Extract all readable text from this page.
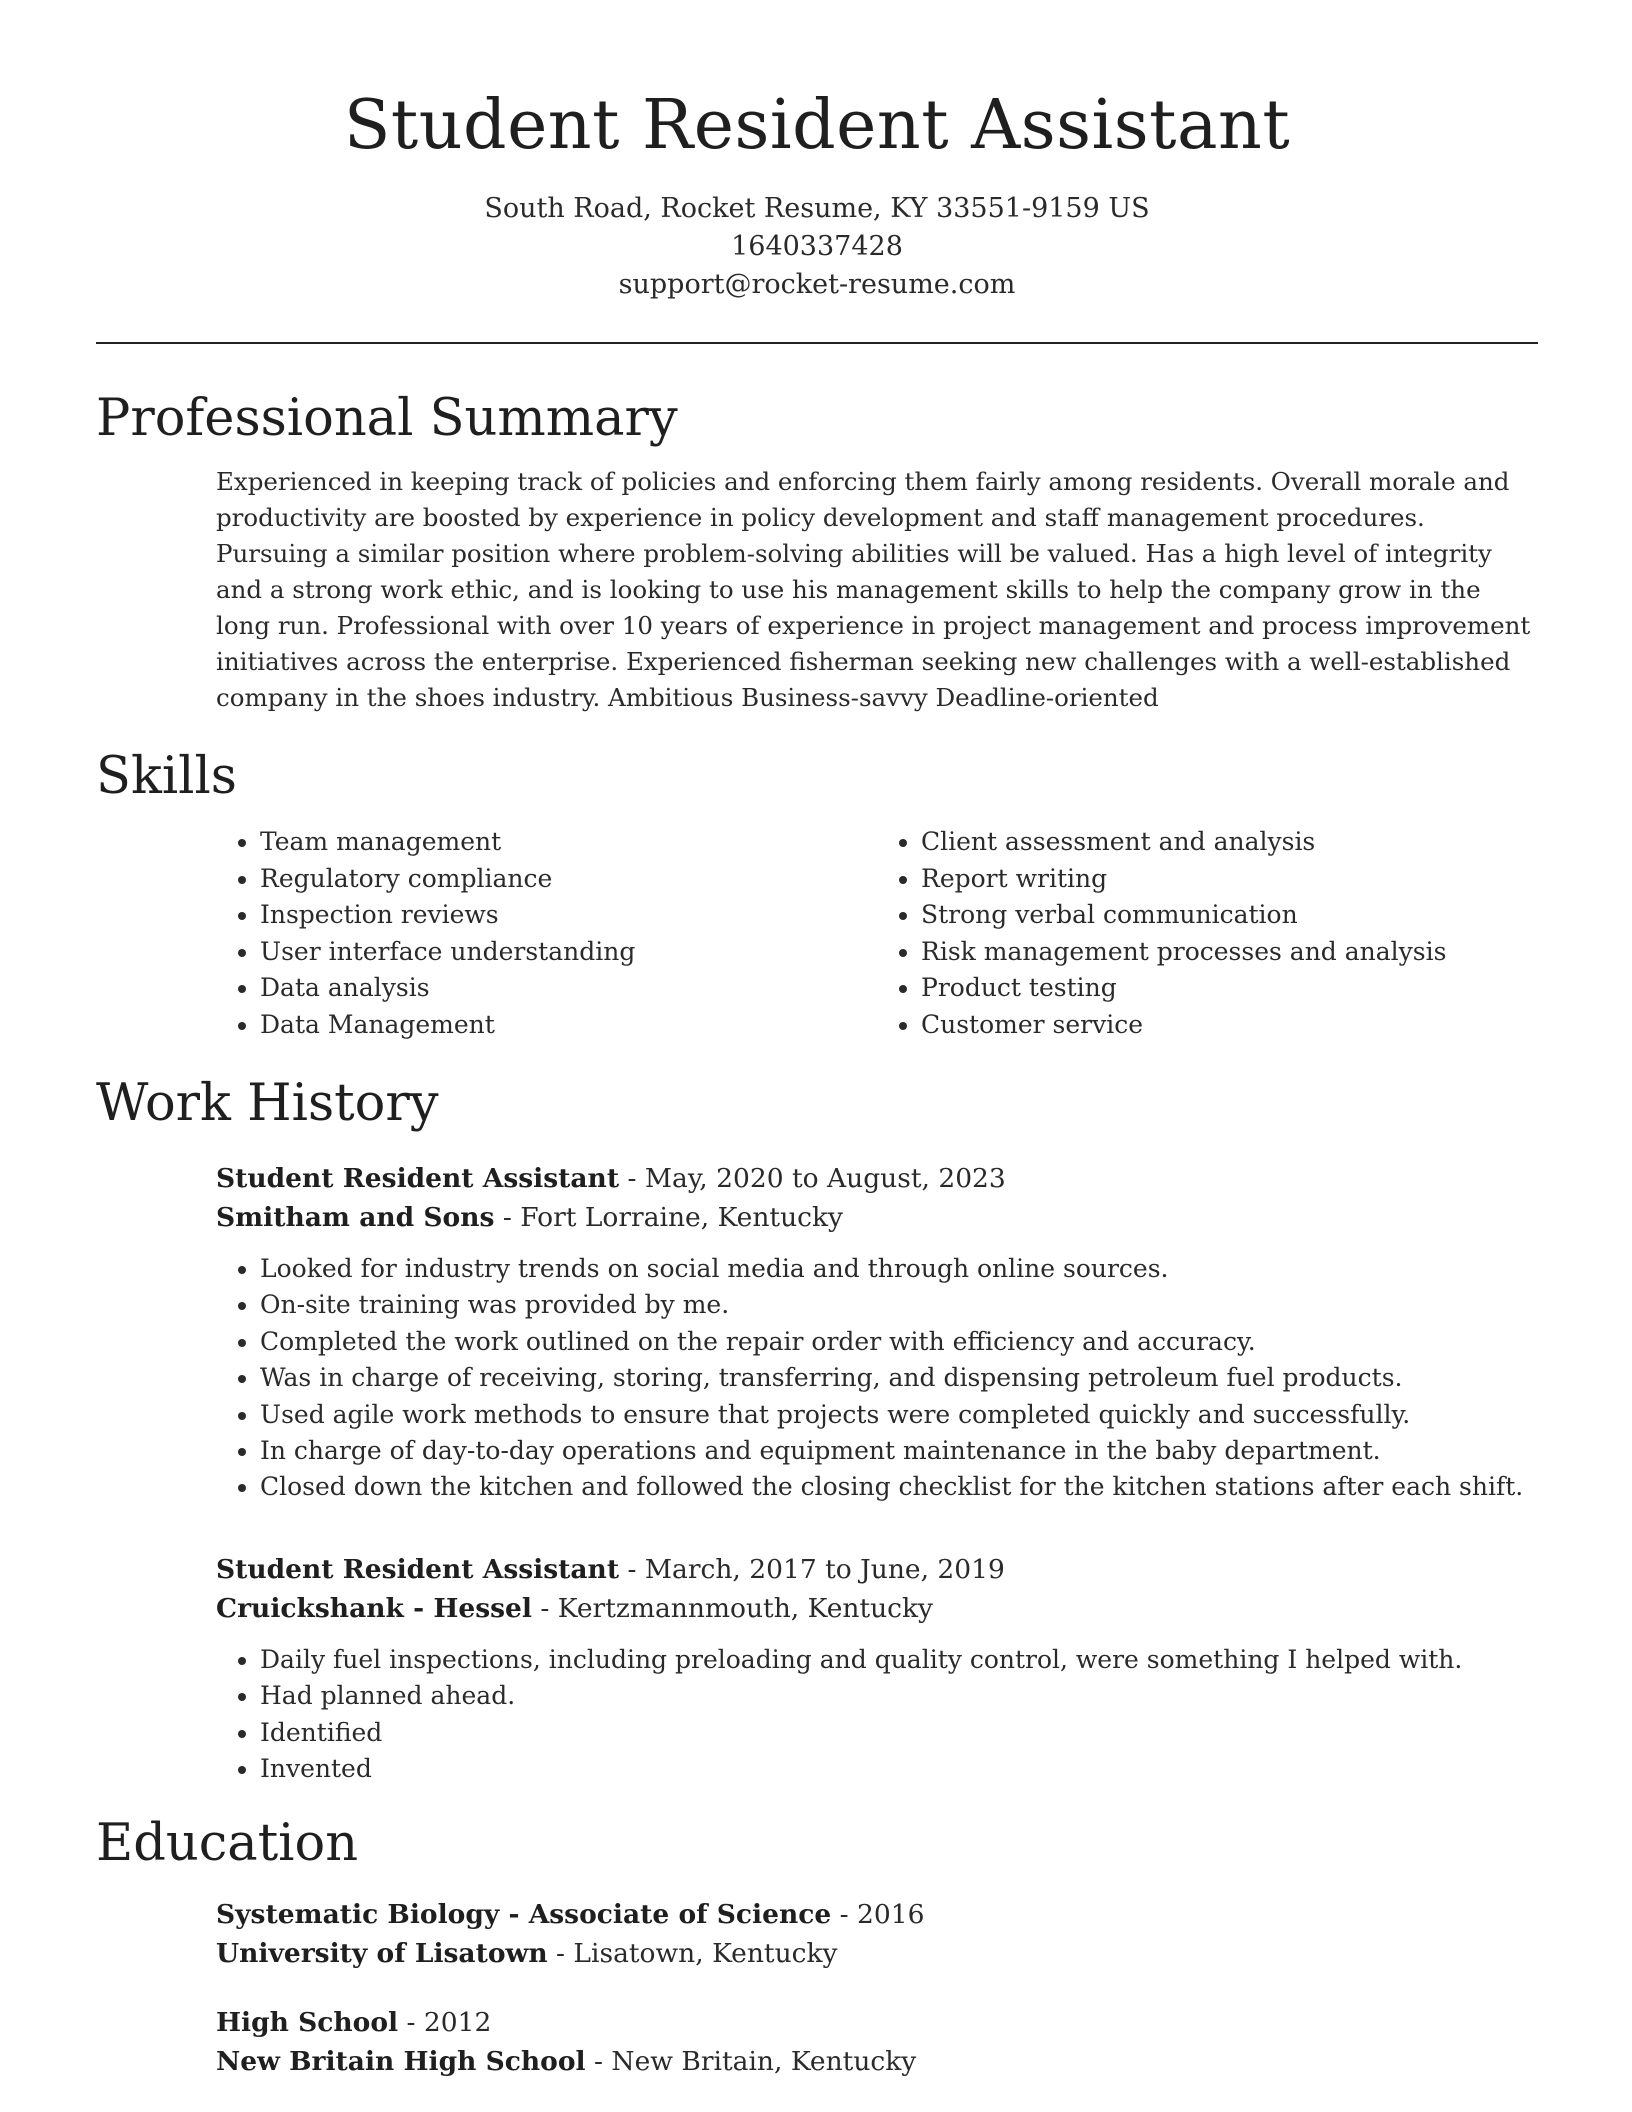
Student Resident Assistant
South Road, Rocket Resume, KY 33551-9159 US
1640337428
support@rocket-resume.com
Professional Summary
Experienced in keeping track of policies and enforcing them fairly among residents. Overall morale and productivity are boosted by experience in policy development and staff management procedures. Pursuing a similar position where problem-solving abilities will be valued. Has a high level of integrity and a strong work ethic, and is looking to use his management skills to help the company grow in the long run. Professional with over 10 years of experience in project management and process improvement initiatives across the enterprise. Experienced fisherman seeking new challenges with a well-established company in the shoes industry. Ambitious Business-savvy Deadline-oriented
Skills
• Team management
• Regulatory compliance
• Inspection reviews
• User interface understanding
• Data analysis
• Data Management
• Client assessment and analysis
• Report writing
• Strong verbal communication
• Risk management processes and analysis
• Product testing
• Customer service
Work History
Student Resident Assistant - May, 2020 to August, 2023
Smitham and Sons - Fort Lorraine, Kentucky
• Looked for industry trends on social media and through online sources.
• On-site training was provided by me.
• Completed the work outlined on the repair order with efficiency and accuracy.
• Was in charge of receiving, storing, transferring, and dispensing petroleum fuel products.
• Used agile work methods to ensure that projects were completed quickly and successfully.
• In charge of day-to-day operations and equipment maintenance in the baby department.
• Closed down the kitchen and followed the closing checklist for the kitchen stations after each shift.
Student Resident Assistant - March, 2017 to June, 2019
Cruickshank - Hessel - Kertzmannmouth, Kentucky
• Daily fuel inspections, including preloading and quality control, were something I helped with.
• Had planned ahead.
• Identified
• Invented
Education
Systematic Biology - Associate of Science - 2016
University of Lisatown - Lisatown, Kentucky
High School - 2012
New Britain High School - New Britain, Kentucky
